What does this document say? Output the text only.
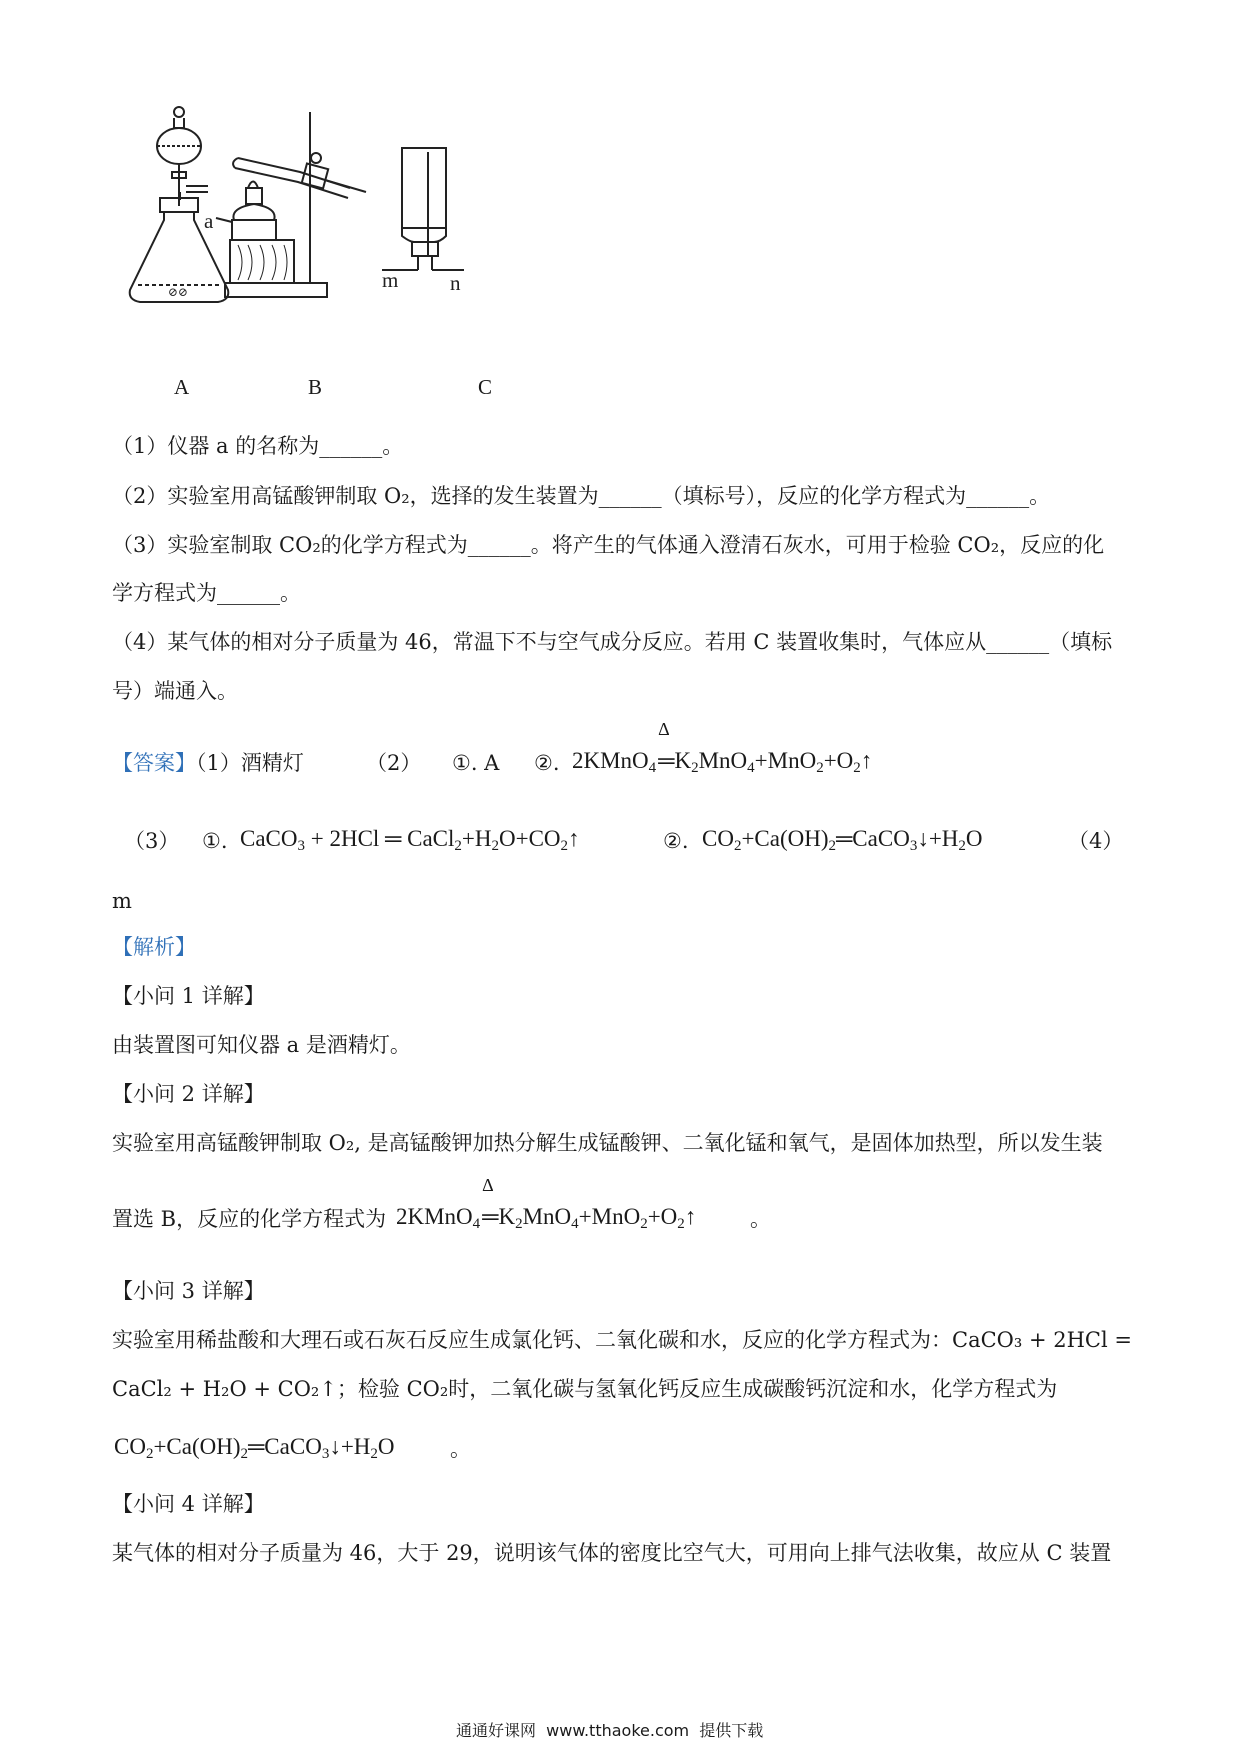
⊘⊘
a
m n
A	B	C
（1）仪器 a 的名称为______。
（2）实验室用高锰酸钾制取 O₂，选择的发生装置为______（填标号），反应的化学方程式为______。
（3）实验室制取 CO₂的化学方程式为______。将产生的气体通入澄清石灰水，可用于检验 CO₂，反应的化
学方程式为______。
（4）某气体的相对分子质量为 46，常温下不与空气成分反应。若用 C 装置收集时，气体应从______（填标
号）端通入。
【答案】（1）酒精灯	（2） ①. A ②. 2KMnO$_4$
Δ
$═K_2MnO_4+MnO_2+O_2↑$
（3） ①. CaCO$_3$ + 2HCl ═ $CaCl_2+H_2O+CO_2↑$	②. $CO_2+Ca(OH)_2═CaCO_3↓+H_2O$	（4）
m
【解析】
【小问 1 详解】
由装置图可知仪器 a 是酒精灯。
【小问 2 详解】
实验室用高锰酸钾制取 O₂, 是高锰酸钾加热分解生成锰酸钾、二氧化锰和氧气，是固体加热型，所以发生装
置选 B，反应的化学方程式为 2KMnO$_4$
Δ
$═K_2MnO_4+MnO_2+O_2↑$	。
【小问 3 详解】
实验室用稀盐酸和大理石或石灰石反应生成氯化钙、二氧化碳和水，反应的化学方程式为：CaCO₃ + 2HCl =
CaCl₂ + H₂O + CO₂↑；检验 CO₂时，二氧化碳与氢氧化钙反应生成碳酸钙沉淀和水，化学方程式为
$CO_2+Ca(OH)_2═CaCO_3↓+H_2O$	。
【小问 4 详解】
某气体的相对分子质量为 46，大于 29，说明该气体的密度比空气大，可用向上排气法收集，故应从 C 装置
通通好课网  www.tthaoke.com  提供下载
